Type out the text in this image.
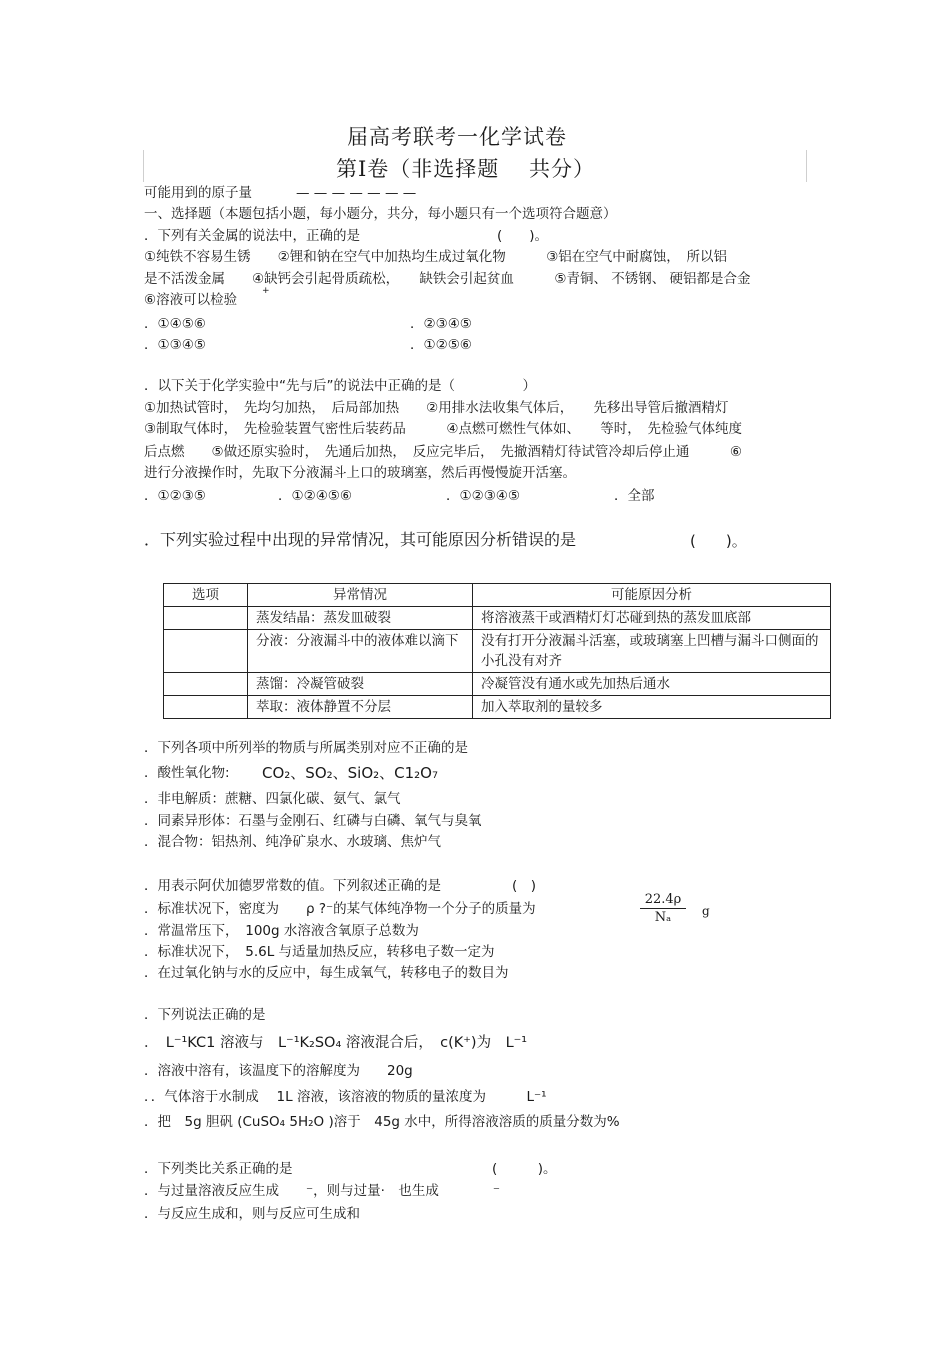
届高考联考一化学试卷
第Ⅰ卷（非选择题　 共分）
可能用到的原子量	— — — — — — —
一、选择题（本题包括小题，每小题分，共分，每小题只有一个选项符合题意）
．下列有关金属的说法中，正确的是	(　　)。
①纯铁不容易生锈　　②锂和钠在空气中加热均生成过氧化物　　　③铝在空气中耐腐蚀，　所以铝
是不活泼金属　　④缺钙会引起骨质疏松，　　缺铁会引起贫血　　　⑤青铜、 不锈钢、 硬铝都是合金
⑥溶液可以检验
+
．①④⑤⑥	．②③④⑤
．①③④⑤	．①②⑤⑥
．以下关于化学实验中“先与后”的说法中正确的是（　　　　　）
①加热试管时，　先均匀加热，　后局部加热　　②用排水法收集气体后，　　先移出导管后撤酒精灯
③制取气体时，　先检验装置气密性后装药品　　　④点燃可燃性气体如、　　等时，　先检验气体纯度
后点燃　　⑤做还原实验时，　先通后加热，　反应完毕后，　先撤酒精灯待试管冷却后停止通　　　⑥
进行分液操作时，先取下分液漏斗上口的玻璃塞，然后再慢慢旋开活塞。
．①②③⑤	．①②④⑤⑥	．①②③④⑤	．全部
．下列实验过程中出现的异常情况，其可能原因分析错误的是	(　　)。
选项	异常情况	可能原因分析
	蒸发结晶：蒸发皿破裂	将溶液蒸干或酒精灯灯芯碰到热的蒸发皿底部
	分液：分液漏斗中的液体难以滴下	没有打开分液漏斗活塞，或玻璃塞上凹槽与漏斗口侧面的小孔没有对齐
	蒸馏：冷凝管破裂	冷凝管没有通水或先加热后通水
	萃取：液体静置不分层	加入萃取剂的量较多
．下列各项中所列举的物质与所属类别对应不正确的是
．酸性氧化物: CO₂、SO₂、SiO₂、C1₂O₇
．非电解质：蔗糖、四氯化碳、氨气、氯气
．同素异形体：石墨与金刚石、红磷与白磷、氧气与臭氧
．混合物：铝热剂、纯净矿泉水、水玻璃、焦炉气
．用表示阿伏加德罗常数的值。下列叙述正确的是	(　)
．标准状况下，密度为　　ρ ?⁻的某气体纯净物一个分子的质量为
22.4ρ
Nₐ	g
．常温常压下，　100g 水溶液含氧原子总数为
．标准状况下，　5.6L 与适量加热反应，转移电子数一定为
．在过氧化钠与水的反应中，每生成氧气，转移电子的数目为
．下列说法正确的是
．　L⁻¹KC1 溶液与　L⁻¹K₂SO₄ 溶液混合后，　c(K⁺)为　L⁻¹
．溶液中溶有，该温度下的溶解度为　　20g
．．气体溶于水制成　 1L 溶液，该溶液的物质的量浓度为　　　L⁻¹
．把　5g 胆矾 (CuSO₄ 5H₂O )溶于　45g 水中，所得溶液溶质的质量分数为%
．下列类比关系正确的是	(　　　)。
．与过量溶液反应生成　　⁻，则与过量·　也生成　　　　⁻
．与反应生成和，则与反应可生成和
